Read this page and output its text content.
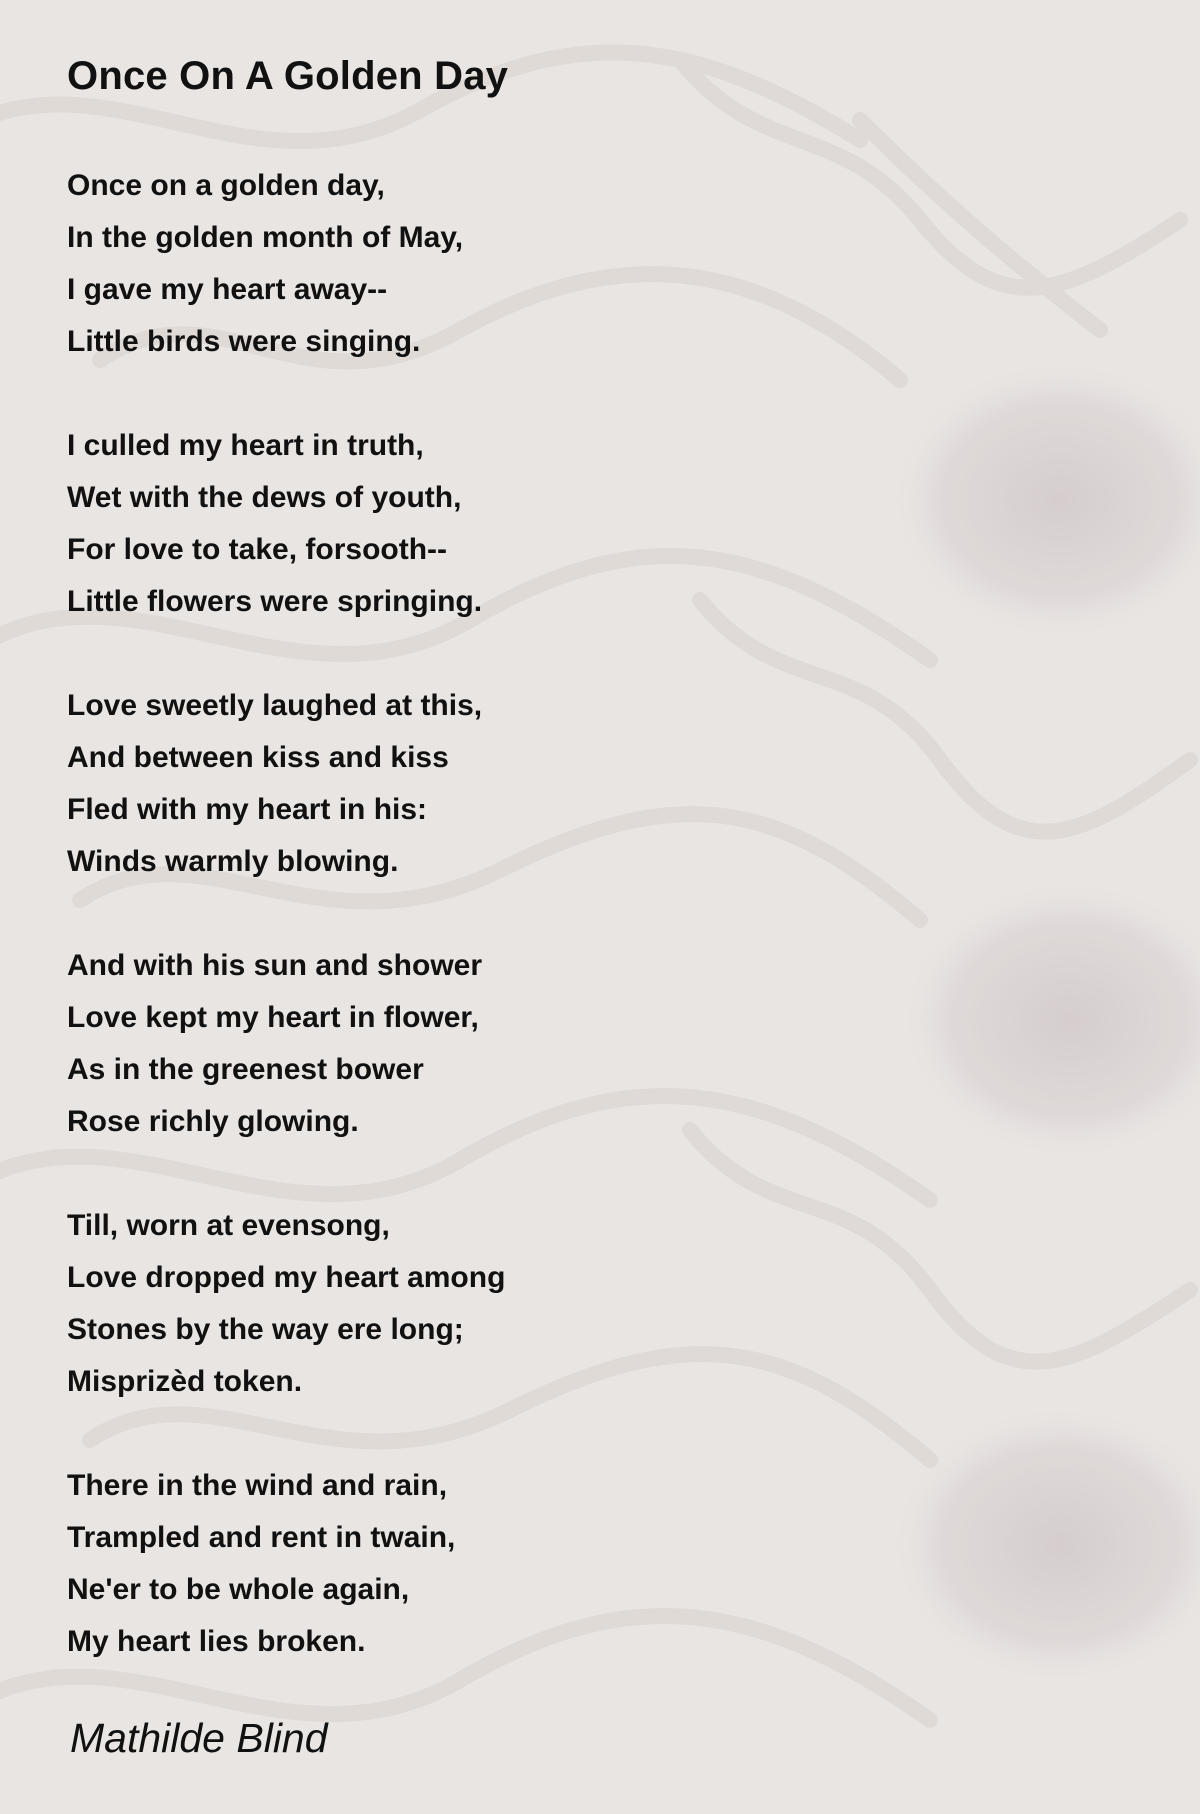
Once On A Golden Day
Once on a golden day,
In the golden month of May,
I gave my heart away--
Little birds were singing.
I culled my heart in truth,
Wet with the dews of youth,
For love to take, forsooth--
Little flowers were springing.
Love sweetly laughed at this,
And between kiss and kiss
Fled with my heart in his:
Winds warmly blowing.
And with his sun and shower
Love kept my heart in flower,
As in the greenest bower
Rose richly glowing.
Till, worn at evensong,
Love dropped my heart among
Stones by the way ere long;
Misprizèd token.
There in the wind and rain,
Trampled and rent in twain,
Ne'er to be whole again,
My heart lies broken.
Mathilde Blind
